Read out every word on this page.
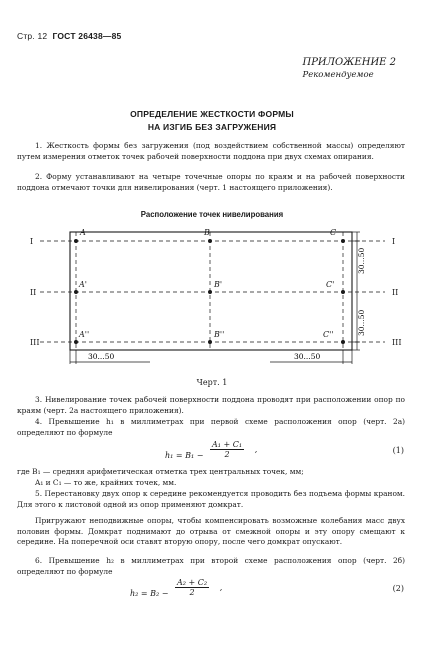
Стр. 12 ГОСТ 26438—85
ПРИЛОЖЕНИЕ 2
Рекомендуемое
ОПРЕДЕЛЕНИЕ ЖЕСТКОСТИ ФОРМЫ
НА ИЗГИБ БЕЗ ЗАГРУЖЕНИЯ
1. Жесткость формы без загружения (под воздействием собственной массы) определяют путем измерения отметок точек рабочей поверхности поддона при двух схемах опирания.
2. Форму устанавливают на четыре точечные опоры по краям и на рабочей поверхности поддона отмечают точки для нивелирования (черт. 1 настоящего приложения).
Расположение точек нивелирования
A	B	C
A'	B'	C'
A''	B''	C''
I
II
III
I
II
III
30...50
30...50
30...50	30...50
Черт. 1
3. Нивелирование точек рабочей поверхности поддона проводят при расположении опор по краям (черт. 2а настоящего приложения).
4. Превышение h₁ в миллиметрах при первой схеме расположения опор (черт. 2а) определяют по формуле
$h_1 = B_1 - \frac{\text{A₁ + C₁}}{2}$ ,	(1)
где B₁ — средняя арифметическая отметка трех центральных точек, мм;
A₁ и C₁ — то же, крайних точек, мм.
5. Перестановку двух опор к середине рекомендуется проводить без подъема формы краном. Для этого к листовой одной из опор применяют домкрат.
Пригружают неподвижные опоры, чтобы компенсировать возможные колебания масс двух половин формы. Домкрат поднимают до отрыва от смежной опоры и эту опору смещают к середине. На поперечной оси ставят вторую опору, после чего домкрат опускают.
6. Превышение h₂ в миллиметрах при второй схеме расположения опор (черт. 2б) определяют по формуле
$h_2 = B_2 - \frac{\text{A₂ + C₂}}{2}$ ,	(2)
